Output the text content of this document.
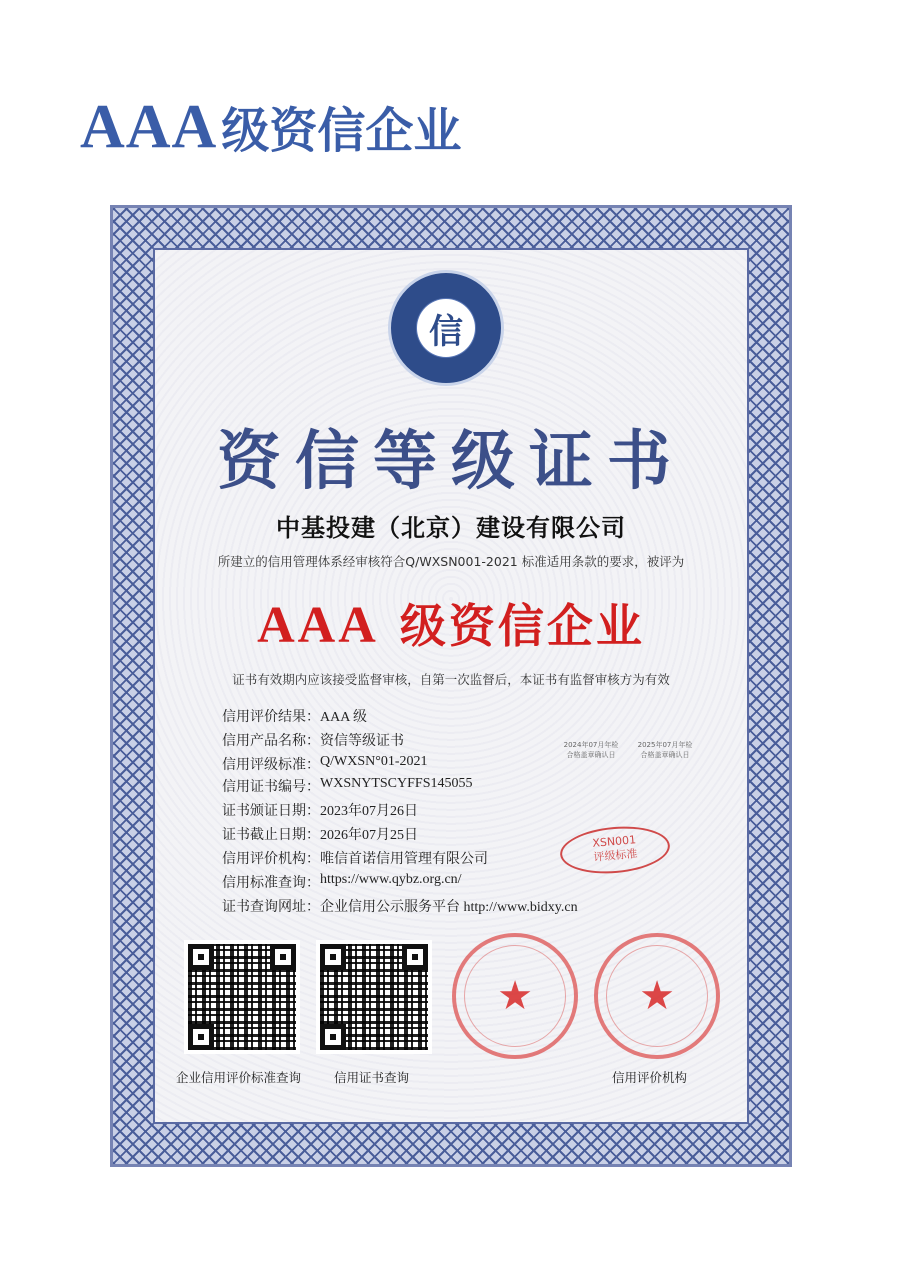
AAA 级资信企业
信
资信等级证书
中基投建（北京）建设有限公司
所建立的信用管理体系经审核符合Q/WXSN001-2021 标准适用条款的要求，被评为
AAA 级资信企业
证书有效期内应该接受监督审核，自第一次监督后，本证书有监督审核方为有效
信用评价结果： AAA 级
信用产品名称： 资信等级证书
信用评级标准： Q/WXSN°01-2021
信用证书编号： WXSNYTSCYFFS145055
证书颁证日期： 2023年07月26日
证书截止日期： 2026年07月25日
信用评价机构： 唯信首诺信用管理有限公司
信用标准查询： https://www.qybz.org.cn/
证书查询网址： 企业信用公示服务平台 http://www.bidxy.cn
2024年07月年检
合格盖章确认日
2025年07月年检
合格盖章确认日
XSN001
评级标准
★	★
企业信用评价标准查询	信用证书查询	信用评价机构
